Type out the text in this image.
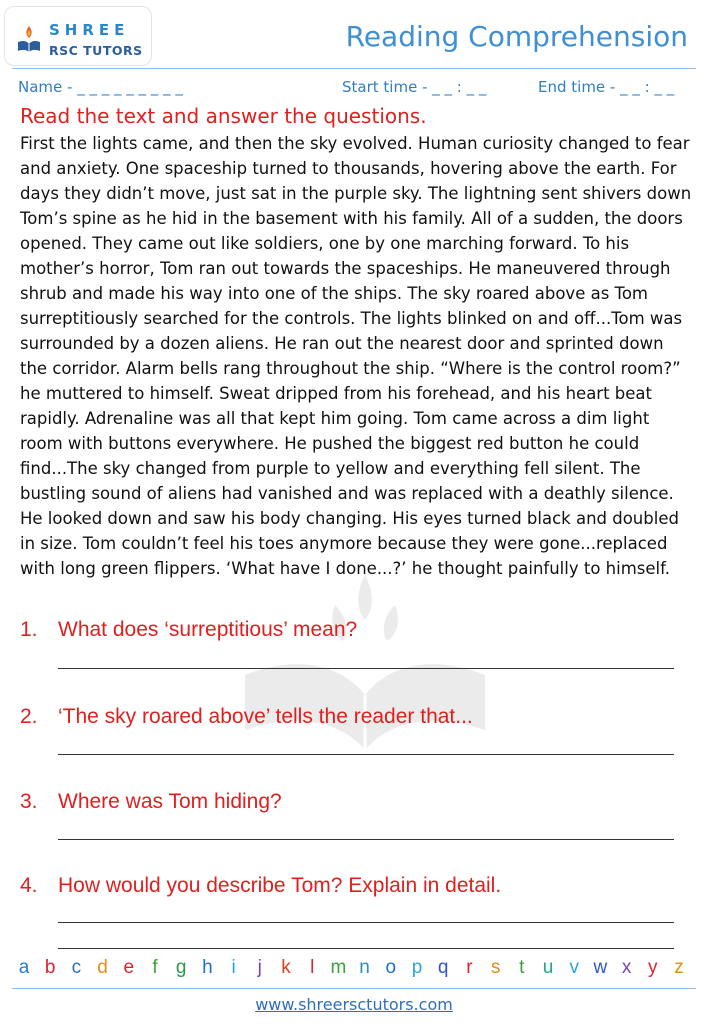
SHREE
RSC TUTORS	Reading Comprehension
Name - _ _ _ _ _ _ _ _ _	Start time - _ _ : _ _	End time - _ _ : _ _
Read the text and answer the questions.

First the lights came, and then the sky evolved. Human curiosity changed to fear and anxiety. One spaceship turned to thousands, hovering above the earth. For days they didn’t move, just sat in the purple sky. The lightning sent shivers down Tom’s spine as he hid in the basement with his family. All of a sudden, the doors opened. They came out like soldiers, one by one marching forward. To his mother’s horror, Tom ran out towards the spaceships. He maneuvered through shrub and made his way into one of the ships. The sky roared above as Tom surreptitiously searched for the controls. The lights blinked on and off...Tom was surrounded by a dozen aliens. He ran out the nearest door and sprinted down the corridor. Alarm bells rang throughout the ship. “Where is the control room?” he muttered to himself. Sweat dripped from his forehead, and his heart beat rapidly. Adrenaline was all that kept him going. Tom came across a dim light room with buttons everywhere. He pushed the biggest red button he could find...The sky changed from purple to yellow and everything fell silent. The bustling sound of aliens had vanished and was replaced with a deathly silence. He looked down and saw his body changing. His eyes turned black and doubled in size. Tom couldn’t feel his toes anymore because they were gone...replaced with long green flippers. ‘What have I done...?’ he thought painfully to himself.

1. What does ‘surreptitious’ mean?
2. ‘The sky roared above’ tells the reader that...
3. Where was Tom hiding?
4. How would you describe Tom? Explain in detail.
a b c d e f g h i	j	k	l m n o p q r s t u v w x y z
www.shreersctutors.com
